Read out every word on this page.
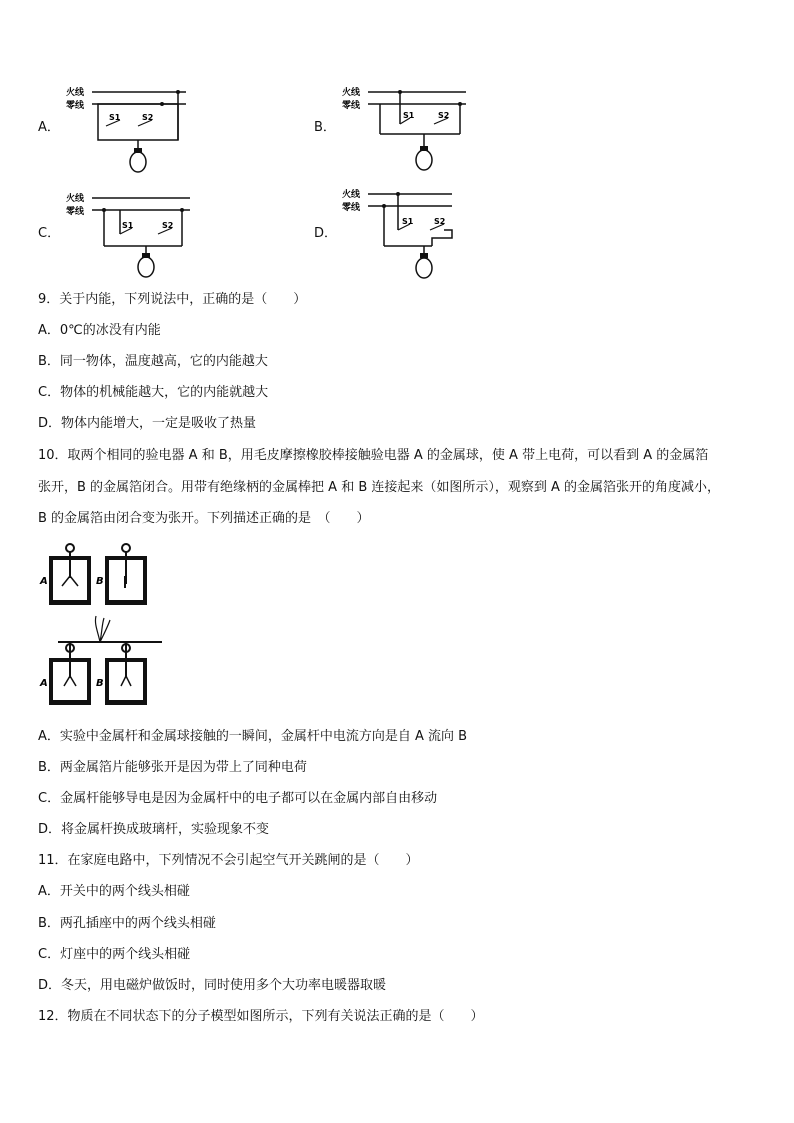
A．	B．
C．	D．
火线
零线
S1	S2
火线
零线
S1	S2
火线
零线
S1	S2
火线
零线
S1	S2
9．关于内能，下列说法中，正确的是（　　）
A．0℃的冰没有内能
B．同一物体，温度越高，它的内能越大
C．物体的机械能越大，它的内能就越大
D．物体内能增大，一定是吸收了热量
10．取两个相同的验电器 A 和 B，用毛皮摩擦橡胶棒接触验电器 A 的金属球，使 A 带上电荷，可以看到 A 的金属箔
张开，B 的金属箔闭合。用带有绝缘柄的金属棒把 A 和 B 连接起来（如图所示），观察到 A 的金属箔张开的角度减小，
B 的金属箔由闭合变为张开。下列描述正确的是　（　　）
A	B
A	B
A．实验中金属杆和金属球接触的一瞬间，金属杆中电流方向是自 A 流向 B
B．两金属箔片能够张开是因为带上了同种电荷
C．金属杆能够导电是因为金属杆中的电子都可以在金属内部自由移动
D．将金属杆换成玻璃杆，实验现象不变
11．在家庭电路中，下列情况不会引起空气开关跳闸的是（　　）
A．开关中的两个线头相碰
B．两孔插座中的两个线头相碰
C．灯座中的两个线头相碰
D．冬天，用电磁炉做饭时，同时使用多个大功率电暖器取暖
12．物质在不同状态下的分子模型如图所示，下列有关说法正确的是（　　）
